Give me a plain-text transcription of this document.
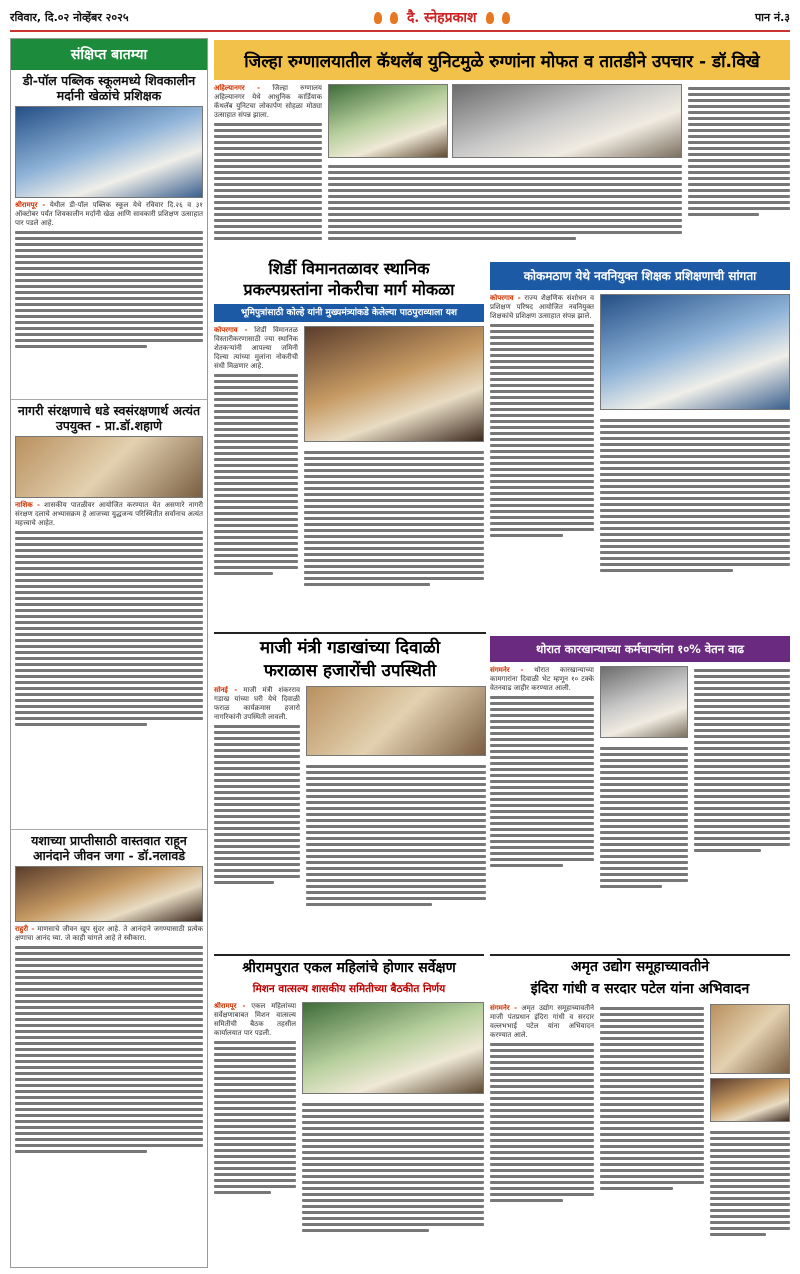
रविवार, दि.०२ नोव्हेंबर २०२५	दै. स्नेहप्रकाश	पान नं.३
संक्षिप्त बातम्या
डी-पॉल पब्लिक स्कूलमध्ये शिवकालीन मर्दानी खेळांचे प्रशिक्षक
श्रीरामपूर - येथील डी-पॉल पब्लिक स्कूल येथे रविवार दि.२६ व ३१ ऑक्टोबर पर्यंत शिवकालीन मर्दानी खेळ आणि सावकारी प्रशिक्षण उत्साहात पार पडले आहे.
नागरी संरक्षणाचे धडे स्वसंरक्षणार्थ अत्यंत उपयुक्त - प्रा.डॉ.शहाणे
नाशिक - शासकीय पातळीवर आयोजित करण्यात येत असणारे नागरी संरक्षण दलाचे अभ्यासक्रम हे आजच्या युद्धजन्य परिस्थितीत सर्वांनाच अत्यंत महत्त्वाचे आहेत.
यशाच्या प्राप्तीसाठी वास्तवात राहून आनंदाने जीवन जगा - डॉ.नलावडे
राहुरी - माणसाचे जीवन खूप सुंदर आहे. ते आनंदाने जगण्यासाठी प्रत्येक क्षणाचा आनंद घ्या. जे काही चांगले आहे ते स्वीकारा.
जिल्हा रुग्णालयातील कॅथलॅब युनिटमुळे रुग्णांना मोफत व तातडीने उपचार - डॉ.विखे
अहिल्यानगर - जिल्हा रुग्णालय अहिल्यानगर येथे आधुनिक कार्डियाक कॅथलॅब युनिटचा लोकार्पण सोहळा मोठ्या उत्साहात संपन्न झाला.
शिर्डी विमानतळावर स्थानिक
प्रकल्पग्रस्तांना नोकरीचा मार्ग मोकळा
भूमिपुत्रांसाठी कोल्हे यांनी मुख्यमंत्र्यांकडे केलेल्या पाठपुराव्याला यश
कोपरगाव - शिर्डी विमानतळ विस्तारीकरणासाठी ज्या स्थानिक शेतकऱ्यांनी आपल्या जमिनी दिल्या त्यांच्या मुलांना नोकरीची संधी मिळणार आहे.
कोकमठाण येथे नवनियुक्त शिक्षक प्रशिक्षणाची सांगता
कोपरगाव - राज्य शैक्षणिक संशोधन व प्रशिक्षण परिषद आयोजित नवनियुक्त शिक्षकांचे प्रशिक्षण उत्साहात संपन्न झाले.
माजी मंत्री गडाखांच्या दिवाळी
फराळास हजारोंची उपस्थिती
सोनई - माजी मंत्री शंकरराव गडाख यांच्या घरी येथे दिवाळी फराळ कार्यक्रमास हजारो नागरिकांनी उपस्थिती लावली.
थोरात कारखान्याच्या कर्मचाऱ्यांना १०% वेतन वाढ
संगमनेर - थोरात कारखान्याच्या कामगारांना दिवाळी भेट म्हणून १० टक्के वेतनवाढ जाहीर करण्यात आली.
श्रीरामपुरात एकल महिलांचे होणार सर्वेक्षण
मिशन वात्सल्य शासकीय समितीच्या बैठकीत निर्णय
श्रीरामपूर - एकल महिलांच्या सर्वेक्षणाबाबत मिशन वात्सल्य समितीची बैठक तहसील कार्यालयात पार पडली.
अमृत उद्योग समूहाच्यावतीने
इंदिरा गांधी व सरदार पटेल यांना अभिवादन
संगमनेर - अमृत उद्योग समूहाच्यावतीने माजी पंतप्रधान इंदिरा गांधी व सरदार वल्लभभाई पटेल यांना अभिवादन करण्यात आले.
